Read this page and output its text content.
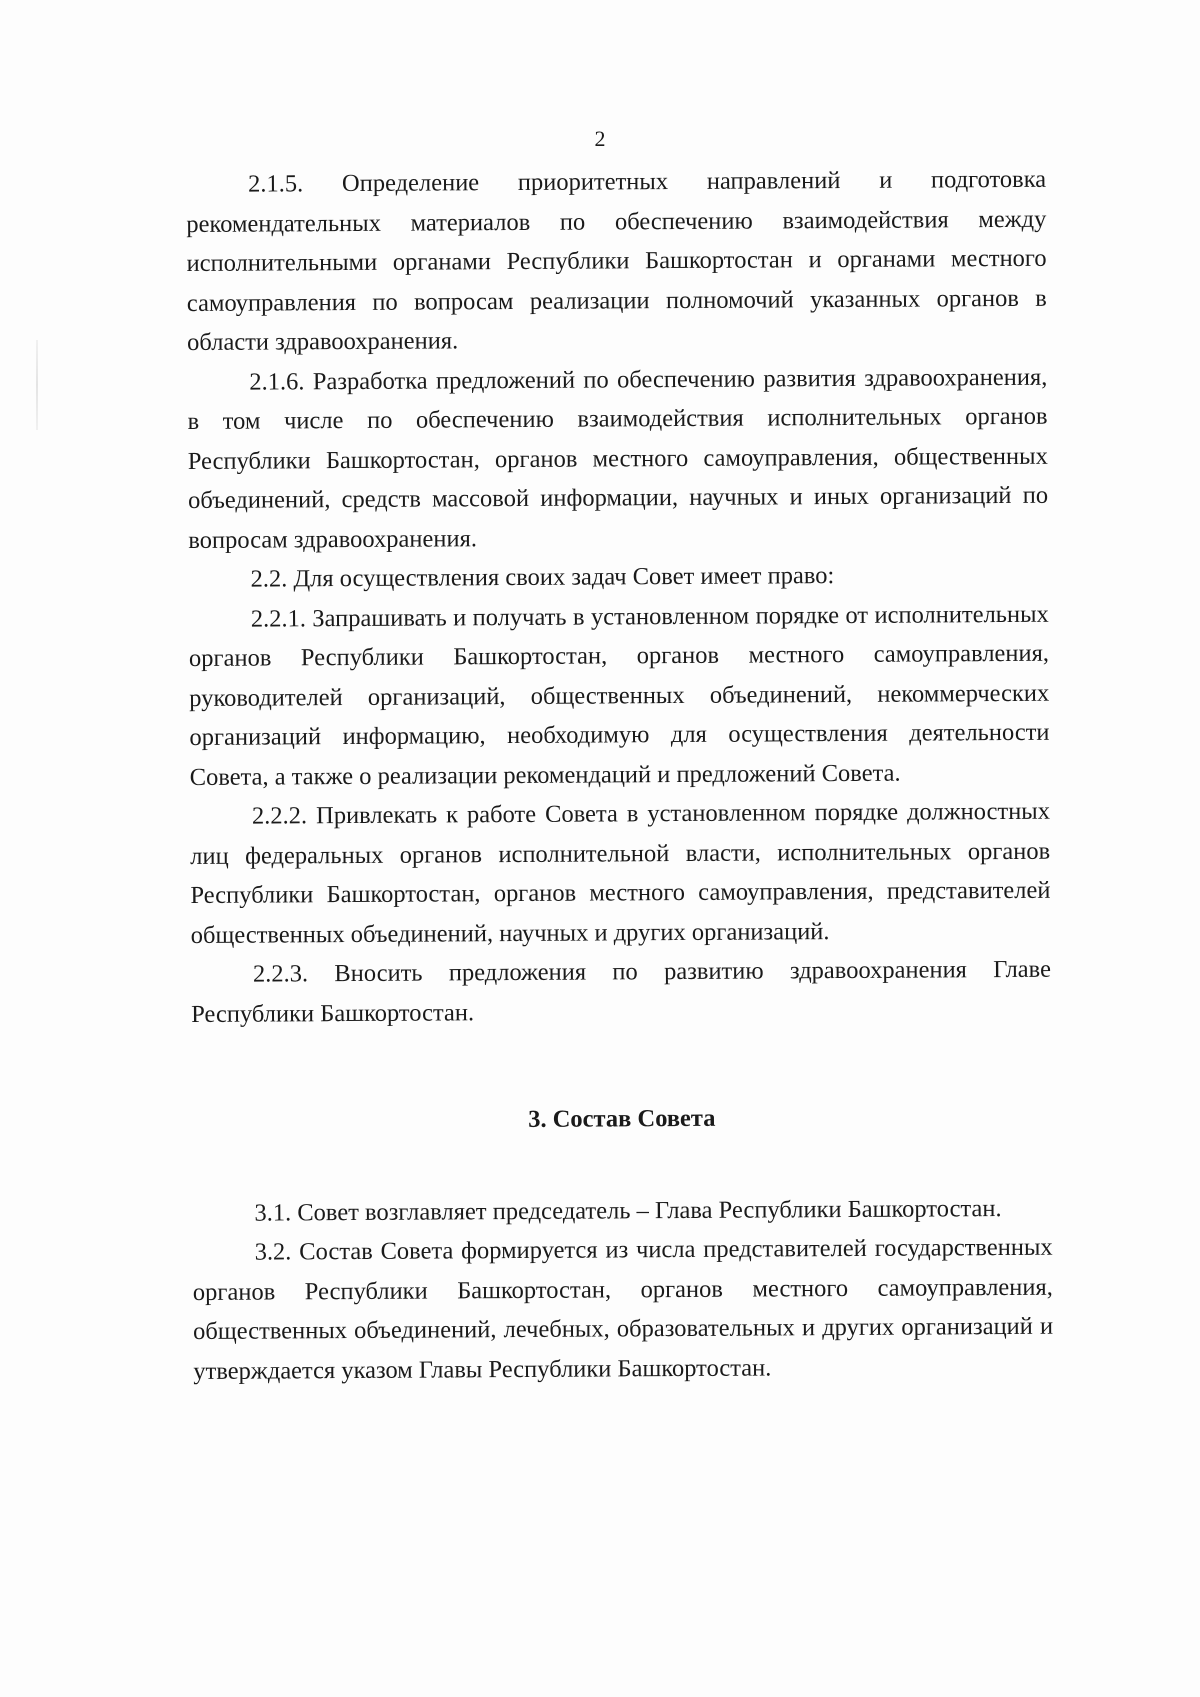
2

2.1.5. Определение приоритетных направлений и подготовка рекомендательных материалов по обеспечению взаимодействия между исполнительными органами Республики Башкортостан и органами местного самоуправления по вопросам реализации полномочий указанных органов в области здравоохранения.

2.1.6. Разработка предложений по обеспечению развития здравоохранения, в том числе по обеспечению взаимодействия исполнительных органов Республики Башкортостан, органов местного самоуправления, общественных объединений, средств массовой информации, научных и иных организаций по вопросам здравоохранения.

2.2. Для осуществления своих задач Совет имеет право:

2.2.1. Запрашивать и получать в установленном порядке от исполнительных органов Республики Башкортостан, органов местного самоуправления, руководителей организаций, общественных объединений, некоммерческих организаций информацию, необходимую для осуществления деятельности Совета, а также о реализации рекомендаций и предложений Совета.

2.2.2. Привлекать к работе Совета в установленном порядке должностных лиц федеральных органов исполнительной власти, исполнительных органов Республики Башкортостан, органов местного самоуправления, представителей общественных объединений, научных и других организаций.

2.2.3. Вносить предложения по развитию здравоохранения Главе Республики Башкортостан.

3. Состав Совета

3.1. Совет возглавляет председатель – Глава Республики Башкортостан.

3.2. Состав Совета формируется из числа представителей государственных органов Республики Башкортостан, органов местного самоуправления, общественных объединений, лечебных, образовательных и других организаций и утверждается указом Главы Республики Башкортостан.
